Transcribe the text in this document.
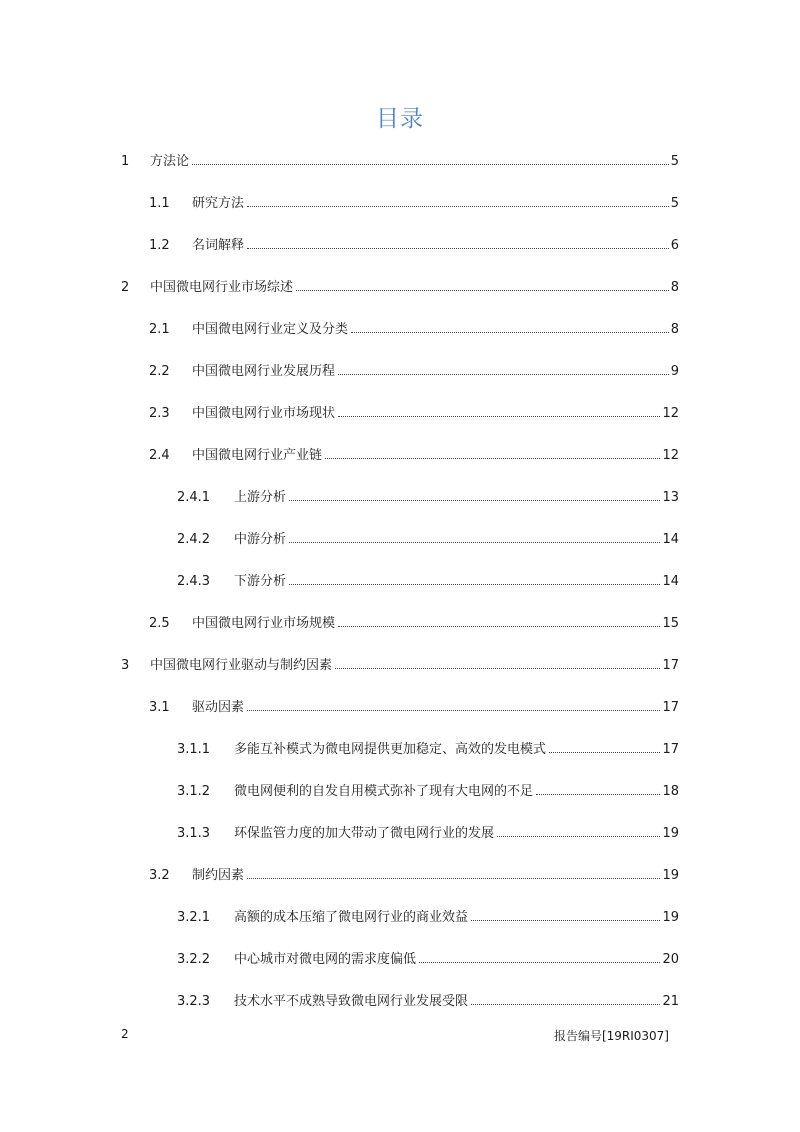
目录
1	方法论	5
1.1	研究方法	5
1.2	名词解释	6
2	中国微电网行业市场综述	8
2.1	中国微电网行业定义及分类	8
2.2	中国微电网行业发展历程	9
2.3	中国微电网行业市场现状	12
2.4	中国微电网行业产业链	12
2.4.1	上游分析	13
2.4.2	中游分析	14
2.4.3	下游分析	14
2.5	中国微电网行业市场规模	15
3	中国微电网行业驱动与制约因素	17
3.1	驱动因素	17
3.1.1	多能互补模式为微电网提供更加稳定、高效的发电模式	17
3.1.2	微电网便利的自发自用模式弥补了现有大电网的不足	18
3.1.3	环保监管力度的加大带动了微电网行业的发展	19
3.2	制约因素	19
3.2.1	高额的成本压缩了微电网行业的商业效益	19
3.2.2	中心城市对微电网的需求度偏低	20
3.2.3	技术水平不成熟导致微电网行业发展受限	21
2	报告编号[19RI0307]
